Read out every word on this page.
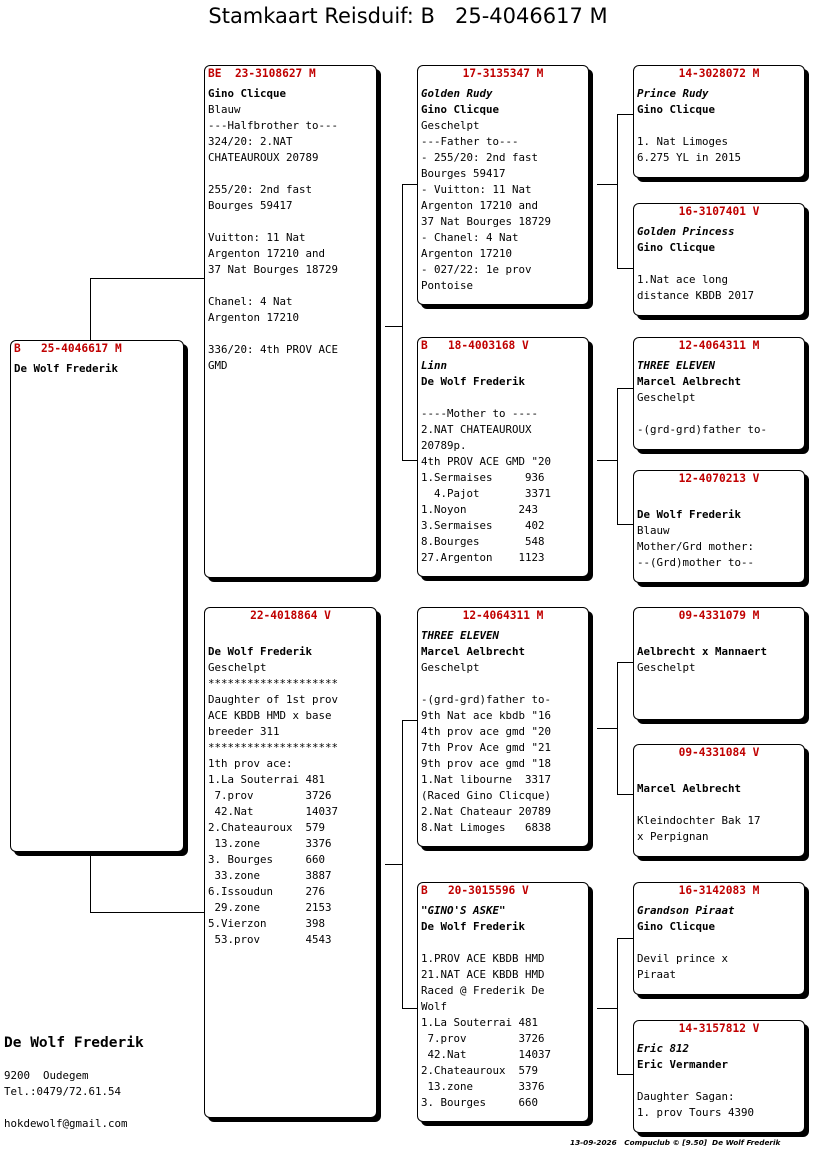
Stamkaart Reisduif: B   25-4046617 M
B   25-4046617 M
De Wolf Frederik
BE  23-3108627 M
Gino Clicque
Blauw
---Halfbrother to---
324/20: 2.NAT
CHATEAUROUX 20789
255/20: 2nd fast
Bourges 59417
Vuitton: 11 Nat
Argenton 17210 and
37 Nat Bourges 18729
Chanel: 4 Nat
Argenton 17210
336/20: 4th PROV ACE
GMD
22-4018864 V
De Wolf Frederik
Geschelpt
********************
Daughter of 1st prov
ACE KBDB HMD x base
breeder 311
********************
1th prov ace:
1.La Souterrai 481
7.prov        3726
42.Nat        14037
2.Chateauroux  579
13.zone       3376
3. Bourges     660
33.zone       3887
6.Issoudun     276
29.zone       2153
5.Vierzon      398
53.prov       4543
17-3135347 M
Golden Rudy
Gino Clicque
Geschelpt
---Father to---
- 255/20: 2nd fast
Bourges 59417
- Vuitton: 11 Nat
Argenton 17210 and
37 Nat Bourges 18729
- Chanel: 4 Nat
Argenton 17210
- 027/22: 1e prov
Pontoise
B   18-4003168 V
Linn
De Wolf Frederik
----Mother to ----
2.NAT CHATEAUROUX
20789p.
4th PROV ACE GMD "20
1.Sermaises     936
4.Pajot       3371
1.Noyon        243
3.Sermaises     402
8.Bourges       548
27.Argenton    1123
12-4064311 M
THREE ELEVEN
Marcel Aelbrecht
Geschelpt
-(grd-grd)father to-
9th Nat ace kbdb "16
4th prov ace gmd "20
7th Prov Ace gmd "21
9th prov ace gmd "18
1.Nat libourne  3317
(Raced Gino Clicque)
2.Nat Chateaur 20789
8.Nat Limoges   6838
B   20-3015596 V
"GINO'S ASKE"
De Wolf Frederik
1.PROV ACE KBDB HMD
21.NAT ACE KBDB HMD
Raced @ Frederik De
Wolf
1.La Souterrai 481
7.prov        3726
42.Nat        14037
2.Chateauroux  579
13.zone       3376
3. Bourges     660
14-3028072 M
Prince Rudy
Gino Clicque
1. Nat Limoges
6.275 YL in 2015
16-3107401 V
Golden Princess
Gino Clicque
1.Nat ace long
distance KBDB 2017
12-4064311 M
THREE ELEVEN
Marcel Aelbrecht
Geschelpt
-(grd-grd)father to-
12-4070213 V
De Wolf Frederik
Blauw
Mother/Grd mother:
--(Grd)mother to--
09-4331079 M
Aelbrecht x Mannaert
Geschelpt
09-4331084 V
Marcel Aelbrecht
Kleindochter Bak 17
x Perpignan
16-3142083 M
Grandson Piraat
Gino Clicque
Devil prince x
Piraat
14-3157812 V
Eric 812
Eric Vermander
Daughter Sagan:
1. prov Tours 4390
De Wolf Frederik
9200  Oudegem
Tel.:0479/72.61.54
hokdewolf@gmail.com
13-09-2026   Compuclub © [9.50]  De Wolf Frederik
